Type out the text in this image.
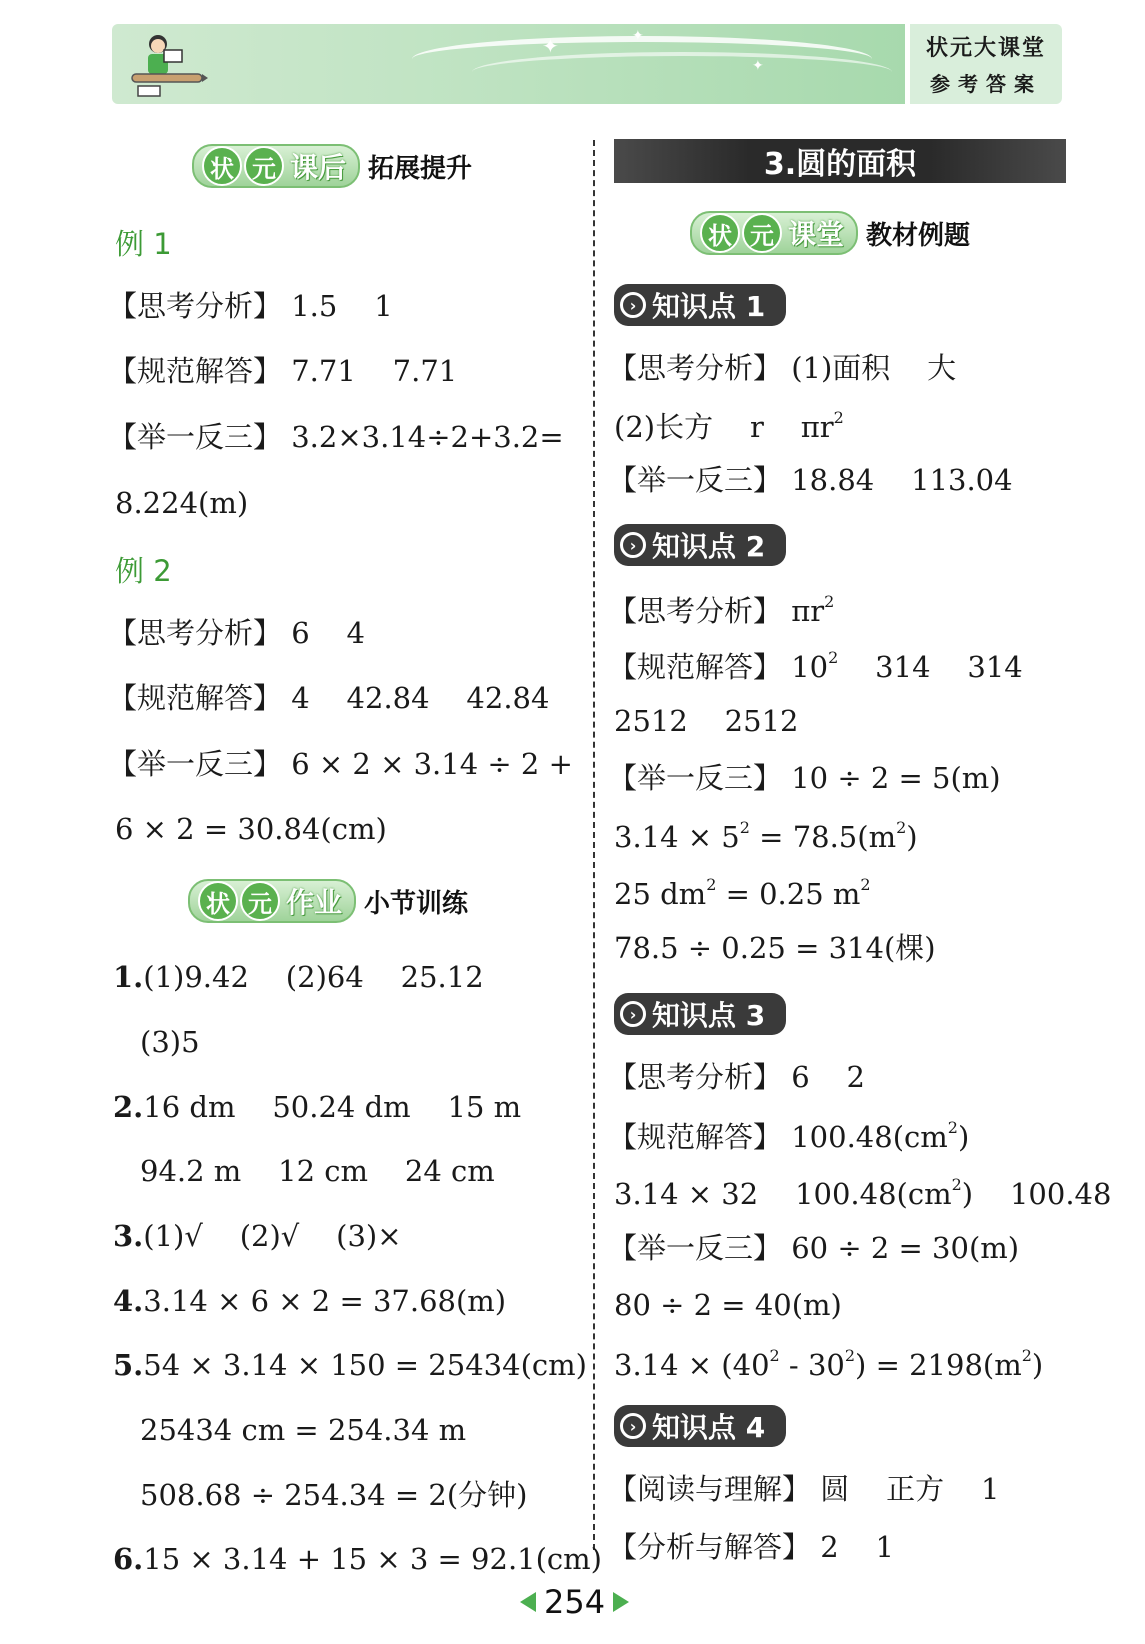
✦	✦
✦
状元大课堂
参考答案
状 元 课后 拓展提升
例 1
【思考分析】 1.5    1
【规范解答】 7.71    7.71
【举一反三】 3.2×3.14÷2+3.2=
8.224(m)
例 2
【思考分析】 6    4
【规范解答】 4    42.84    42.84
【举一反三】 6 × 2 × 3.14 ÷ 2 +
6 × 2 = 30.84(cm)
状 元 作业 小节训练
1.(1)9.42    (2)64    25.12
(3)5
2.16 dm    50.24 dm    15 m
94.2 m    12 cm    24 cm
3.(1)√    (2)√    (3)×
4.3.14 × 6 × 2 = 37.68(m)
5.54 × 3.14 × 150 = 25434(cm)
25434 cm = 254.34 m
508.68 ÷ 254.34 = 2(分钟)
6.15 × 3.14 + 15 × 3 = 92.1(cm)
3.圆的面积
状 元 课堂 教材例题
› 知识点 1
【思考分析】 (1)面积    大
(2)长方    r    $\pi r^2$
【举一反三】 18.84    113.04
› 知识点 2
【思考分析】 $\pi r^2$
【规范解答】 $10^2$    314    314
2512    2512
【举一反三】 10 ÷ 2 = 5(m)
$3.14 \times 5^2 = 78.5(m^2)$
25 $dm^2 = 0.25$ $m^2$
78.5 ÷ 0.25 = 314(棵)
› 知识点 3
【思考分析】 6    2
【规范解答】 $100.48(cm^2)$
3.14 × 32    $100.48(cm^2)$    100.48
【举一反三】 60 ÷ 2 = 30(m)
80 ÷ 2 = 40(m)
$3.14 \times (40^2 - 30^2) = 2198(m^2)$
› 知识点 4
【阅读与理解】 圆    正方    1
【分析与解答】 2    1
254
